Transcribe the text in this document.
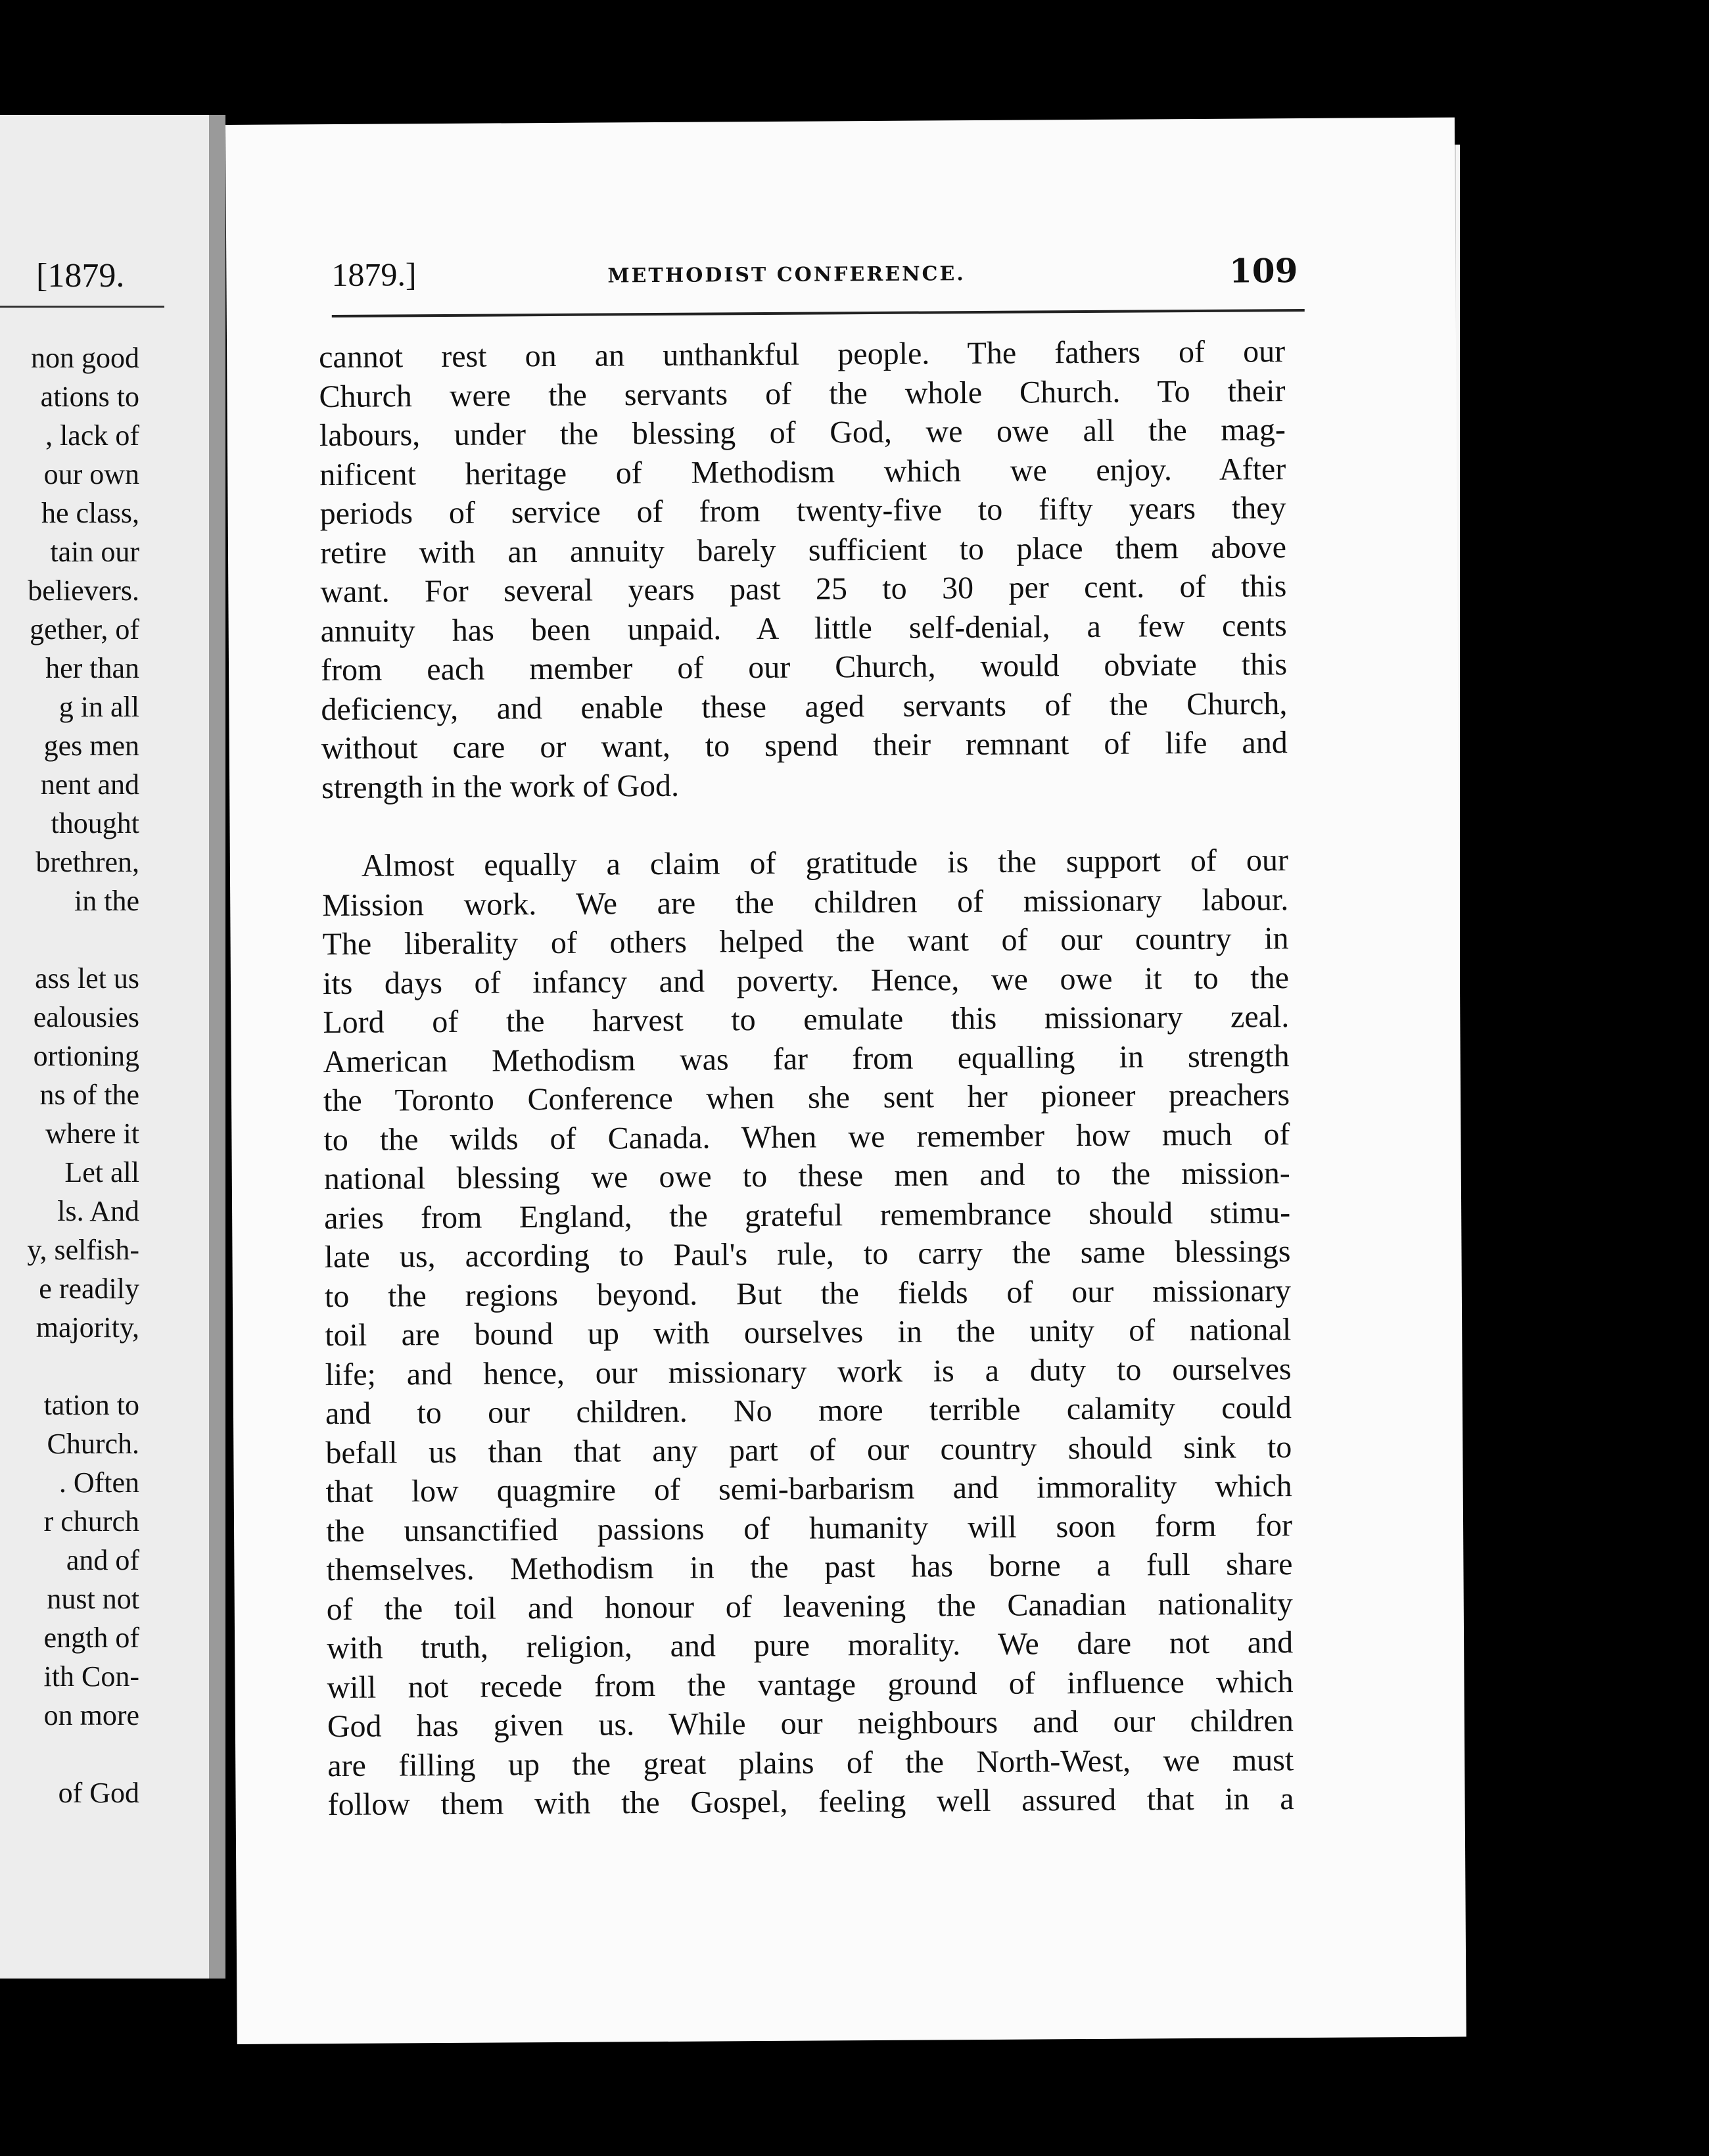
[1879.
non good
ations to
, lack of
our own
he class,
tain our
believers.
gether, of
her than
g in all
ges men
nent and
thought
brethren,
in the
ass let us
ealousies
ortioning
ns of the
where it
Let all
ls. And
y, selfish-
e readily
majority,
tation to
Church.
. Often
r church
and of
nust not
ength of
ith Con-
on more
of God
1879.]	METHODIST CONFERENCE.	109

cannot rest on an unthankful people. The fathers of our
Church were the servants of the whole Church. To their
labours, under the blessing of God, we owe all the mag-
nificent heritage of Methodism which we enjoy. After
periods of service of from twenty-five to fifty years they
retire with an annuity barely sufficient to place them above
want. For several years past 25 to 30 per cent. of this
annuity has been unpaid. A little self-denial, a few cents
from each member of our Church, would obviate this
deficiency, and enable these aged servants of the Church,
without care or want, to spend their remnant of life and
strength in the work of God.

Almost equally a claim of gratitude is the support of our
Mission work. We are the children of missionary labour.
The liberality of others helped the want of our country in
its days of infancy and poverty. Hence, we owe it to the
Lord of the harvest to emulate this missionary zeal.
American Methodism was far from equalling in strength
the Toronto Conference when she sent her pioneer preachers
to the wilds of Canada. When we remember how much of
national blessing we owe to these men and to the mission-
aries from England, the grateful remembrance should stimu-
late us, according to Paul's rule, to carry the same blessings
to the regions beyond. But the fields of our missionary
toil are bound up with ourselves in the unity of national
life; and hence, our missionary work is a duty to ourselves
and to our children. No more terrible calamity could
befall us than that any part of our country should sink to
that low quagmire of semi-barbarism and immorality which
the unsanctified passions of humanity will soon form for
themselves. Methodism in the past has borne a full share
of the toil and honour of leavening the Canadian nationality
with truth, religion, and pure morality. We dare not and
will not recede from the vantage ground of influence which
God has given us. While our neighbours and our children
are filling up the great plains of the North-West, we must
follow them with the Gospel, feeling well assured that in a
